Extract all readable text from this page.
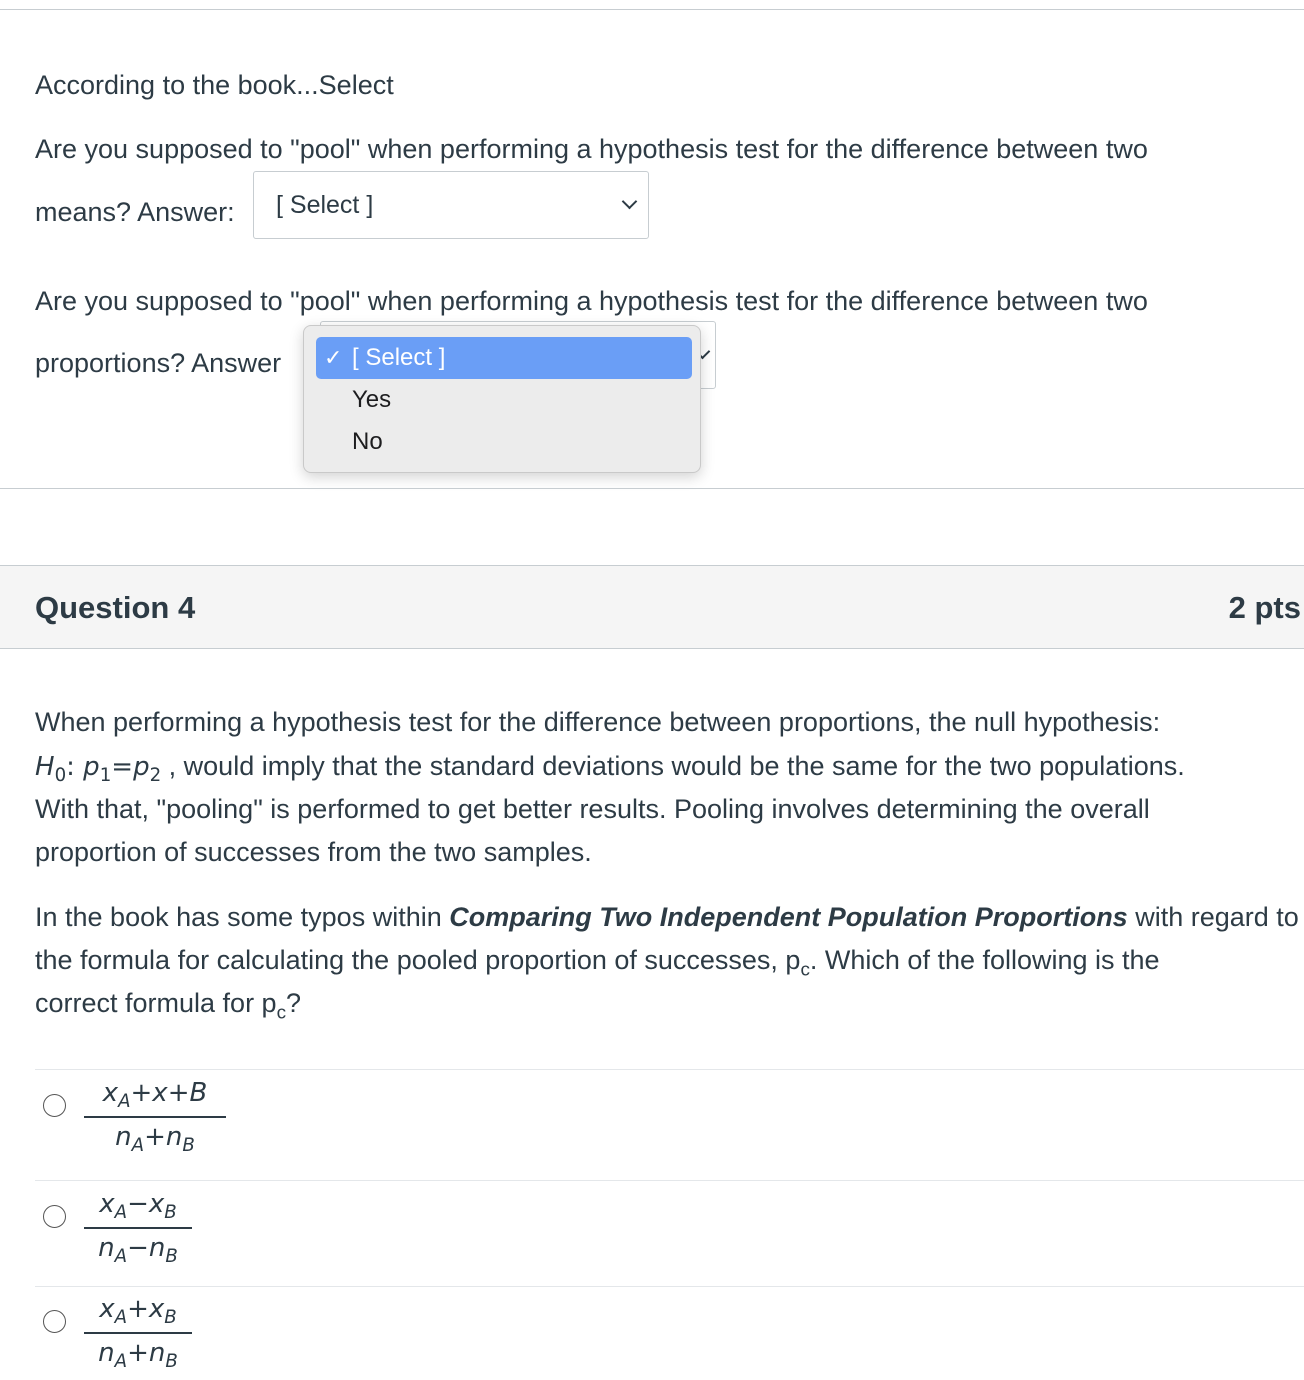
According to the book...Select
Are you supposed to "pool" when performing a hypothesis test for the difference between two
means? Answer: [ Select ]
Are you supposed to "pool" when performing a hypothesis test for the difference between two
proportions? Answer ✓ [ Select ]
Yes
No
Question 4	2 pts
When performing a hypothesis test for the difference between proportions, the null hypothesis:
$H_0$: $p_1=p_2$ , would imply that the standard deviations would be the same for the two populations.
With that, "pooling" is performed to get better results. Pooling involves determining the overall
proportion of successes from the two samples.
In the book has some typos within Comparing Two Independent Population Proportions with regard to
the formula for calculating the pooled proportion of successes, $p_c$. Which of the following is the
correct formula for $p_c$?
$x_A+x+B$
$n_A+n_B$
$x_A-x_B$
$n_A-n_B$
$x_A+x_B$
$n_A+n_B$
